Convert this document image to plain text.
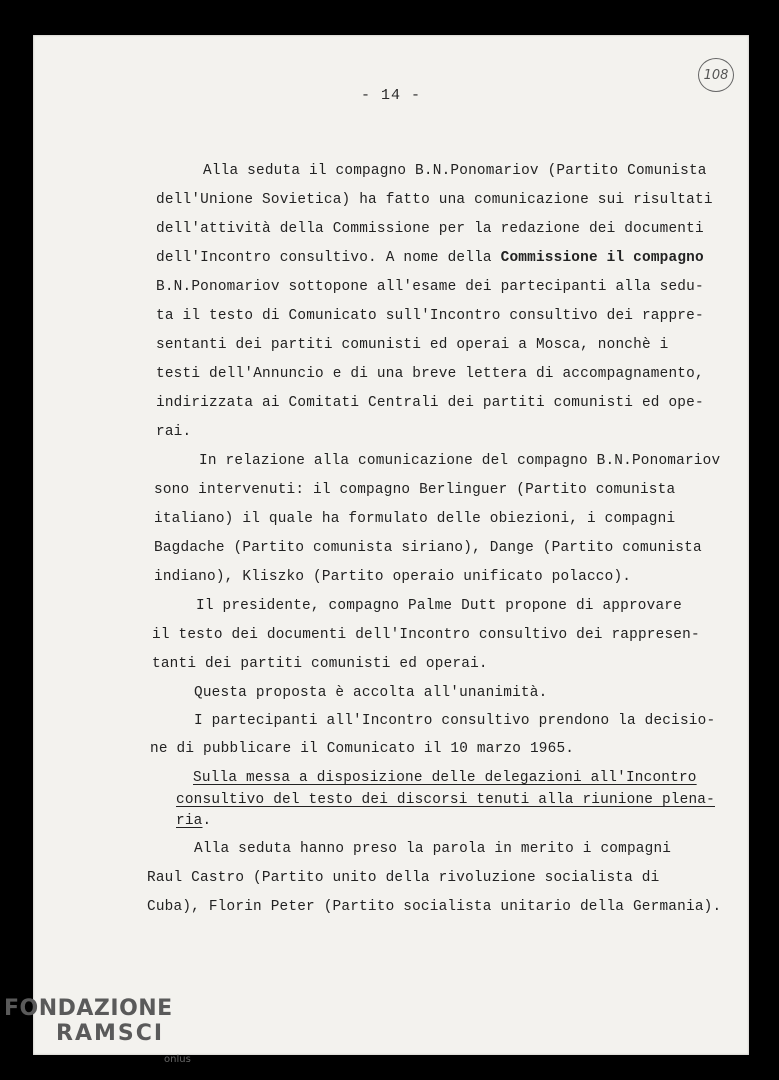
- 14 -
108
Alla seduta il compagno B.N.Ponomariov (Partito Comunista
dell'Unione Sovietica) ha fatto una comunicazione sui risultati
dell'attività della Commissione per la redazione dei documenti
dell'Incontro consultivo. A nome della Commissione il compagno
B.N.Ponomariov sottopone all'esame dei partecipanti alla sedu-
ta il testo di Comunicato sull'Incontro consultivo dei rappre-
sentanti dei partiti comunisti ed operai a Mosca, nonchè i
testi dell'Annuncio e di una breve lettera di accompagnamento,
indirizzata ai Comitati Centrali dei partiti comunisti ed ope-
rai.
In relazione alla comunicazione del compagno B.N.Ponomariov
sono intervenuti: il compagno Berlinguer (Partito comunista
italiano) il quale ha formulato delle obiezioni, i compagni
Bagdache (Partito comunista siriano), Dange (Partito comunista
indiano), Kliszko (Partito operaio unificato polacco).
Il presidente, compagno Palme Dutt propone di approvare
il testo dei documenti dell'Incontro consultivo dei rappresen-
tanti dei partiti comunisti ed operai.
Questa proposta è accolta all'unanimità.
I partecipanti all'Incontro consultivo prendono la decisio-
ne di pubblicare il Comunicato il 10 marzo 1965.
Sulla messa a disposizione delle delegazioni all'Incontro
consultivo del testo dei discorsi tenuti alla riunione plena-
ria.
Alla seduta hanno preso la parola in merito i compagni
Raul Castro (Partito unito della rivoluzione socialista di
Cuba), Florin Peter (Partito socialista unitario della Germania).
FONDAZIONE
RAMSCI
onlus
